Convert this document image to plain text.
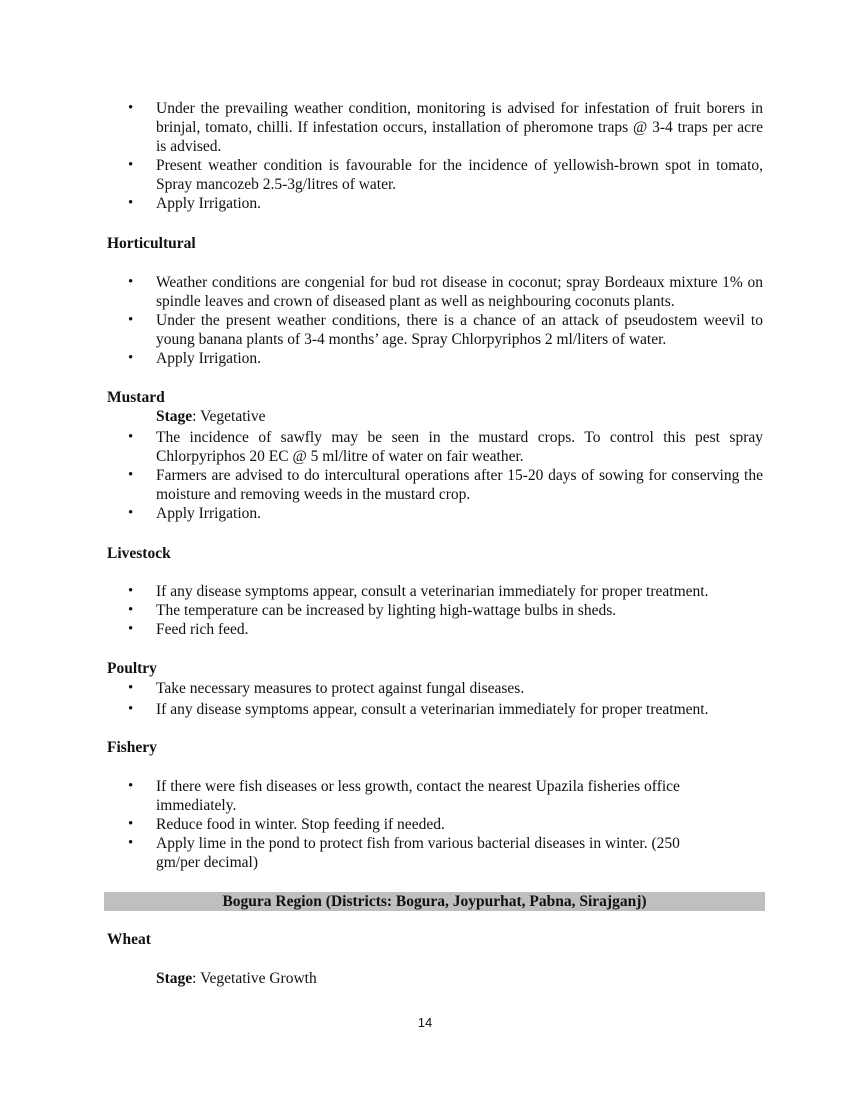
• Under the prevailing weather condition, monitoring is advised for infestation of fruit borers in brinjal, tomato, chilli. If infestation occurs, installation of pheromone traps @ 3-4 traps per acre is advised.
• Present weather condition is favourable for the incidence of yellowish-brown spot in tomato, Spray mancozeb 2.5-3g/litres of water.
• Apply Irrigation.
Horticultural
• Weather conditions are congenial for bud rot disease in coconut; spray Bordeaux mixture 1% on spindle leaves and crown of diseased plant as well as neighbouring coconuts plants.
• Under the present weather conditions, there is a chance of an attack of pseudostem weevil to young banana plants of 3-4 months’ age. Spray Chlorpyriphos 2 ml/liters of water.
• Apply Irrigation.
Mustard
Stage: Vegetative
• The incidence of sawfly may be seen in the mustard crops. To control this pest spray Chlorpyriphos 20 EC @ 5 ml/litre of water on fair weather.
• Farmers are advised to do intercultural operations after 15-20 days of sowing for conserving the moisture and removing weeds in the mustard crop.
• Apply Irrigation.
Livestock
• If any disease symptoms appear, consult a veterinarian immediately for proper treatment.
• The temperature can be increased by lighting high-wattage bulbs in sheds.
• Feed rich feed.
Poultry
• Take necessary measures to protect against fungal diseases.
• If any disease symptoms appear, consult a veterinarian immediately for proper treatment.
Fishery
• If there were fish diseases or less growth, contact the nearest Upazila fisheries office immediately.
• Reduce food in winter. Stop feeding if needed.
• Apply lime in the pond to protect fish from various bacterial diseases in winter. (250 gm/per decimal)
Bogura Region (Districts: Bogura, Joypurhat, Pabna, Sirajganj)
Wheat
Stage: Vegetative Growth
14
